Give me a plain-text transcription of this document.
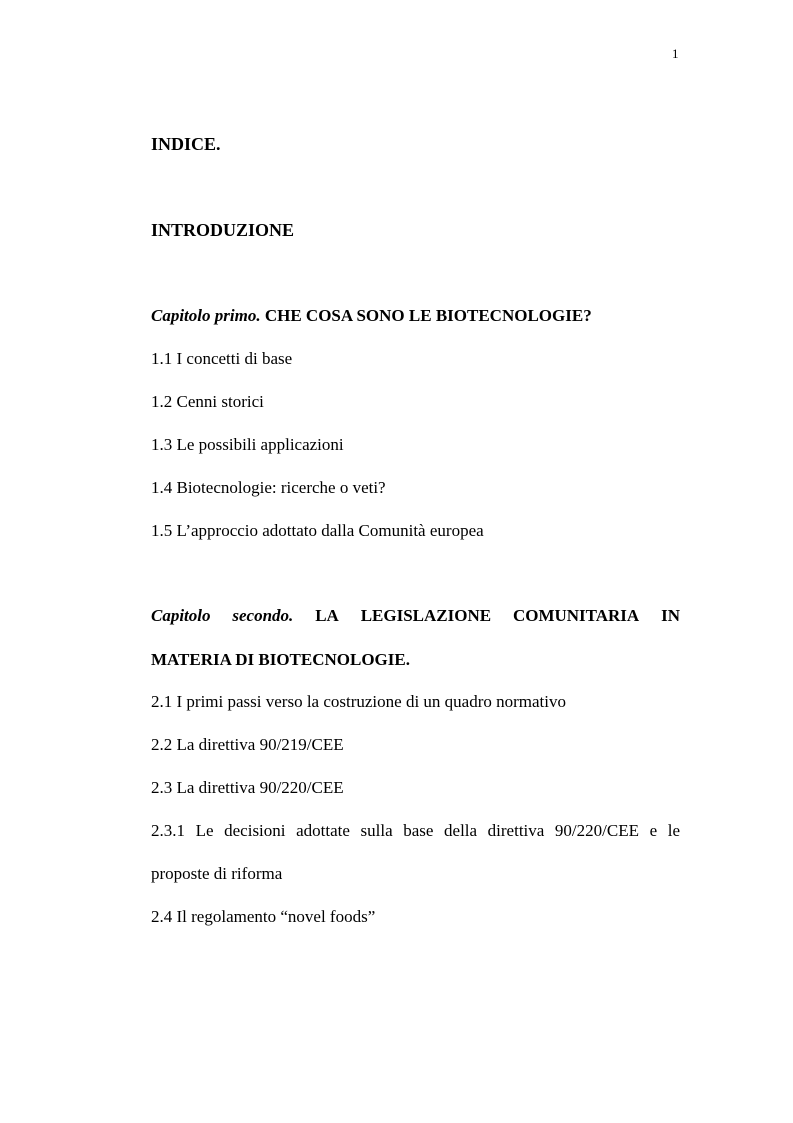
1
INDICE.
INTRODUZIONE
Capitolo primo. CHE COSA SONO LE BIOTECNOLOGIE?
1.1 I concetti di base
1.2 Cenni storici
1.3 Le possibili applicazioni
1.4 Biotecnologie: ricerche o veti?
1.5 L’approccio adottato dalla Comunità europea
Capitolo secondo. LA LEGISLAZIONE COMUNITARIA IN
MATERIA DI BIOTECNOLOGIE.
2.1 I primi passi verso la costruzione di un quadro normativo
2.2 La direttiva 90/219/CEE
2.3 La direttiva 90/220/CEE
2.3.1 Le decisioni adottate sulla base della direttiva 90/220/CEE e le
proposte di riforma
2.4 Il regolamento “novel foods”
